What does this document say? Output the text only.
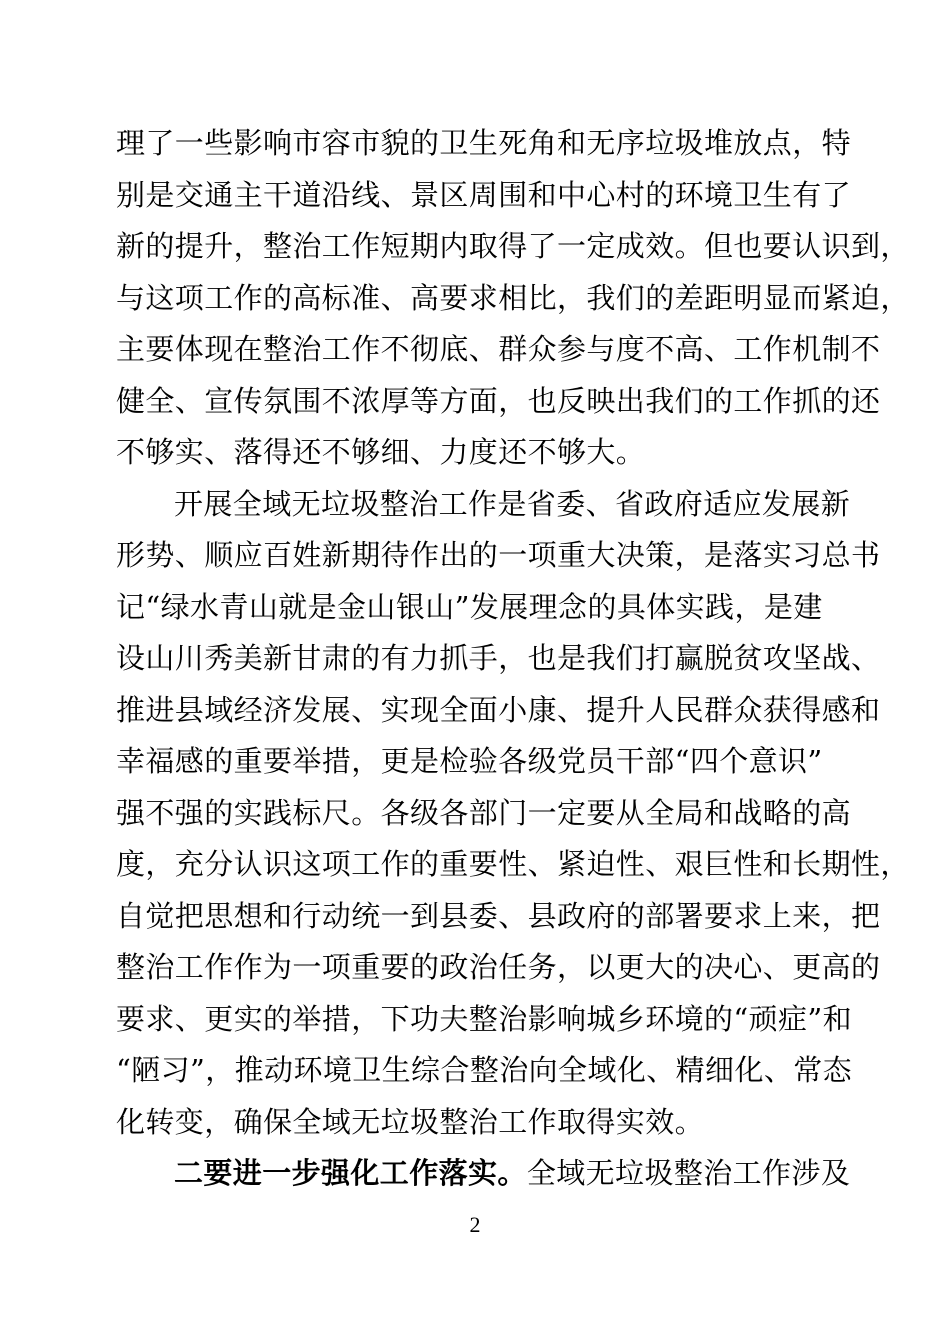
理了一些影响市容市貌的卫生死角和无序垃圾堆放点，特
别是交通主干道沿线、景区周围和中心村的环境卫生有了
新的提升，整治工作短期内取得了一定成效。但也要认识到，
与这项工作的高标准、高要求相比，我们的差距明显而紧迫，
主要体现在整治工作不彻底、群众参与度不高、工作机制不
健全、宣传氛围不浓厚等方面，也反映出我们的工作抓的还
不够实、落得还不够细、力度还不够大。
开展全域无垃圾整治工作是省委、省政府适应发展新
形势、顺应百姓新期待作出的一项重大决策，是落实习总书
记“绿水青山就是金山银山”发展理念的具体实践，是建
设山川秀美新甘肃的有力抓手，也是我们打赢脱贫攻坚战、
推进县域经济发展、实现全面小康、提升人民群众获得感和
幸福感的重要举措，更是检验各级党员干部“四个意识”
强不强的实践标尺。各级各部门一定要从全局和战略的高
度，充分认识这项工作的重要性、紧迫性、艰巨性和长期性，
自觉把思想和行动统一到县委、县政府的部署要求上来，把
整治工作作为一项重要的政治任务，以更大的决心、更高的
要求、更实的举措，下功夫整治影响城乡环境的“顽症”和
“陋习”，推动环境卫生综合整治向全域化、精细化、常态
化转变，确保全域无垃圾整治工作取得实效。
二要进一步强化工作落实。全域无垃圾整治工作涉及
2
